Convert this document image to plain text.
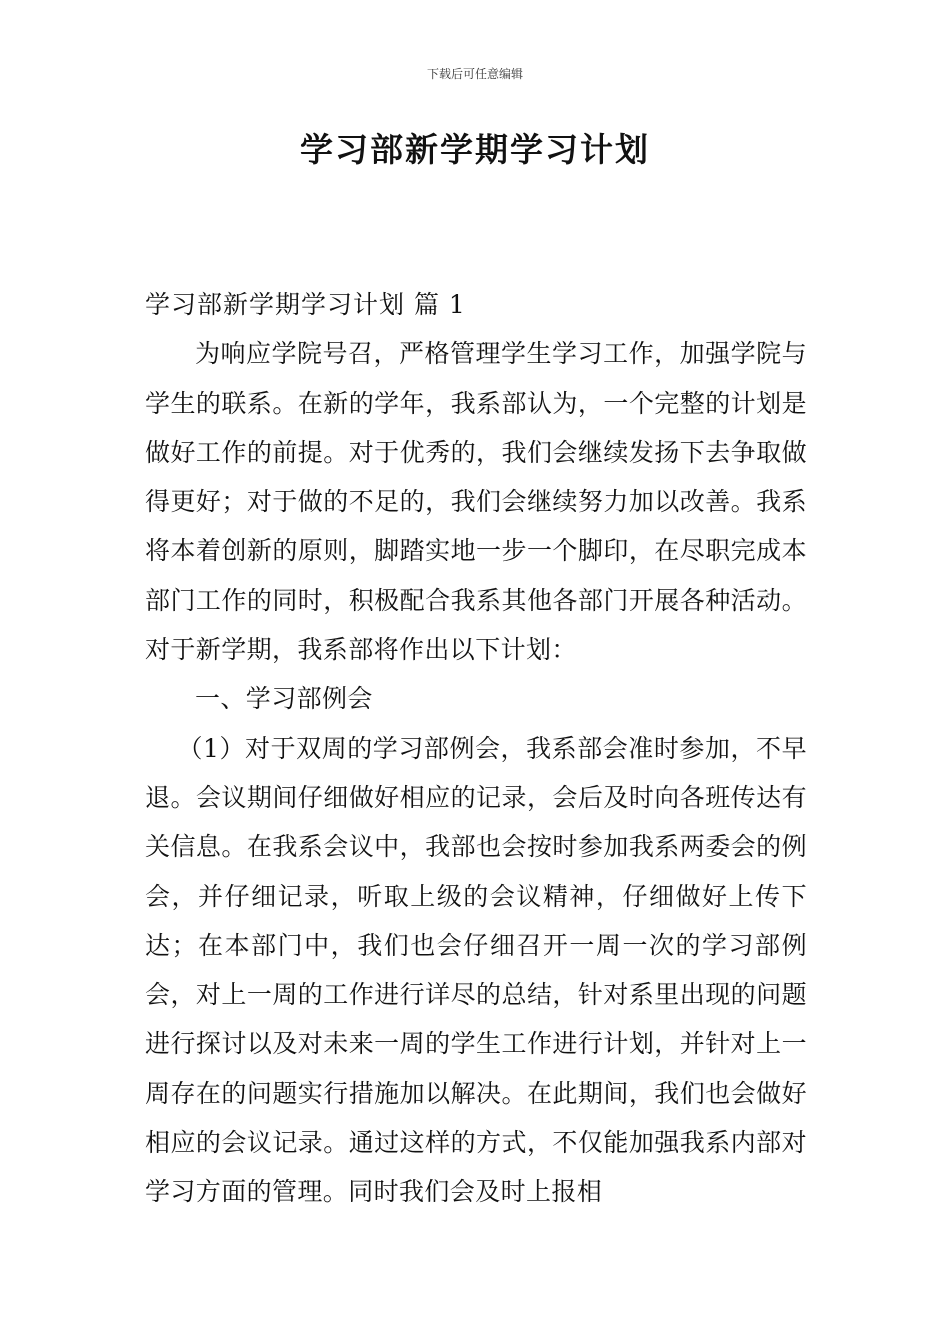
下载后可任意编辑
学习部新学期学习计划

学习部新学期学习计划 篇 1

为响应学院号召，严格管理学生学习工作，加强学院与学生的联系。在新的学年，我系部认为，一个完整的计划是做好工作的前提。对于优秀的，我们会继续发扬下去争取做得更好；对于做的不足的，我们会继续努力加以改善。我系将本着创新的原则，脚踏实地一步一个脚印，在尽职完成本部门工作的同时，积极配合我系其他各部门开展各种活动。对于新学期，我系部将作出以下计划：

一、学习部例会

（1）对于双周的学习部例会，我系部会准时参加，不早退。会议期间仔细做好相应的记录，会后及时向各班传达有关信息。在我系会议中，我部也会按时参加我系两委会的例会，并仔细记录，听取上级的会议精神，仔细做好上传下达；在本部门中，我们也会仔细召开一周一次的学习部例会，对上一周的工作进行详尽的总结，针对系里出现的问题进行探讨以及对未来一周的学生工作进行计划，并针对上一周存在的问题实行措施加以解决。在此期间，我们也会做好相应的会议记录。通过这样的方式，不仅能加强我系内部对学习方面的管理。同时我们会及时上报相
